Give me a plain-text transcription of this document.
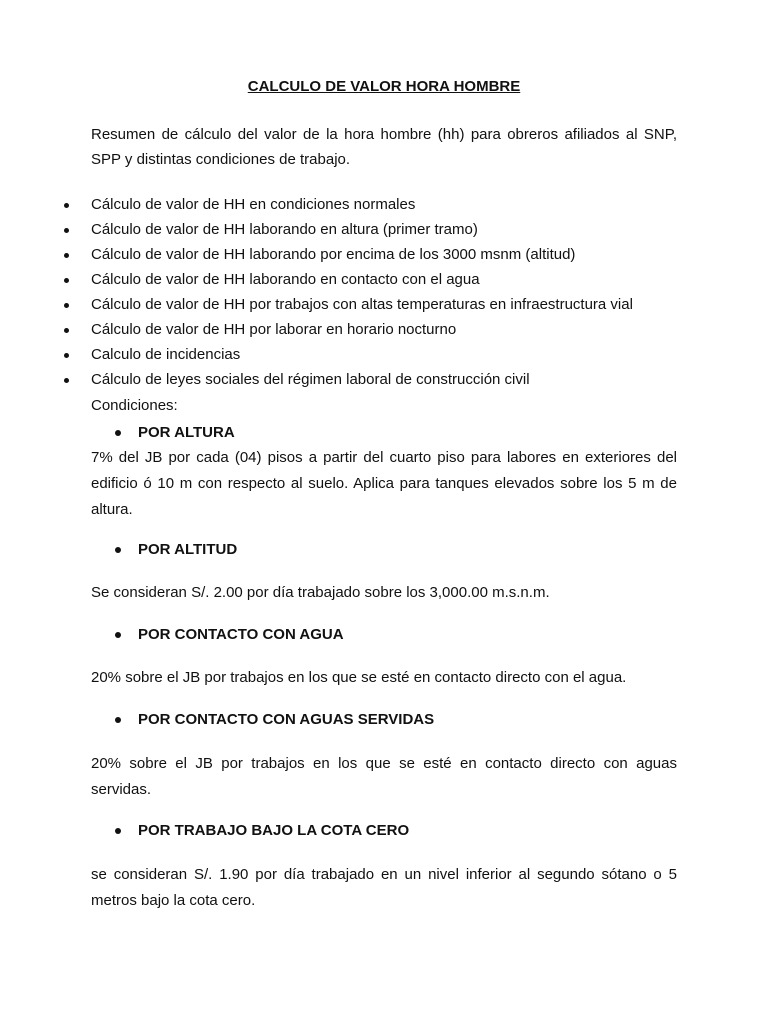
CALCULO DE VALOR HORA HOMBRE

Resumen de cálculo del valor de la hora hombre (hh) para obreros afiliados al SNP, SPP y distintas condiciones de trabajo.

Cálculo de valor de HH en condiciones normales
Cálculo de valor de HH laborando en altura (primer tramo)
Cálculo de valor de HH laborando por encima de los 3000 msnm (altitud)
Cálculo de valor de HH laborando en contacto con el agua
Cálculo de valor de HH por trabajos con altas temperaturas en infraestructura vial
Cálculo de valor de HH por laborar en horario nocturno
Calculo de incidencias
Cálculo de leyes sociales del régimen laboral de construcción civil
Condiciones:
POR ALTURA

7% del JB por cada (04) pisos a partir del cuarto piso para labores en exteriores del edificio ó 10 m con respecto al suelo. Aplica para tanques elevados sobre los 5 m de altura.

POR ALTITUD

Se consideran S/. 2.00 por día trabajado sobre los 3,000.00 m.s.n.m.

POR CONTACTO CON AGUA

20% sobre el JB por trabajos en los que se esté en contacto directo con el agua.

POR CONTACTO CON AGUAS SERVIDAS

20% sobre el JB por trabajos en los que se esté en contacto directo con aguas servidas.

POR TRABAJO BAJO LA COTA CERO

se consideran S/. 1.90 por día trabajado en un nivel inferior al segundo sótano o 5 metros bajo la cota cero.
